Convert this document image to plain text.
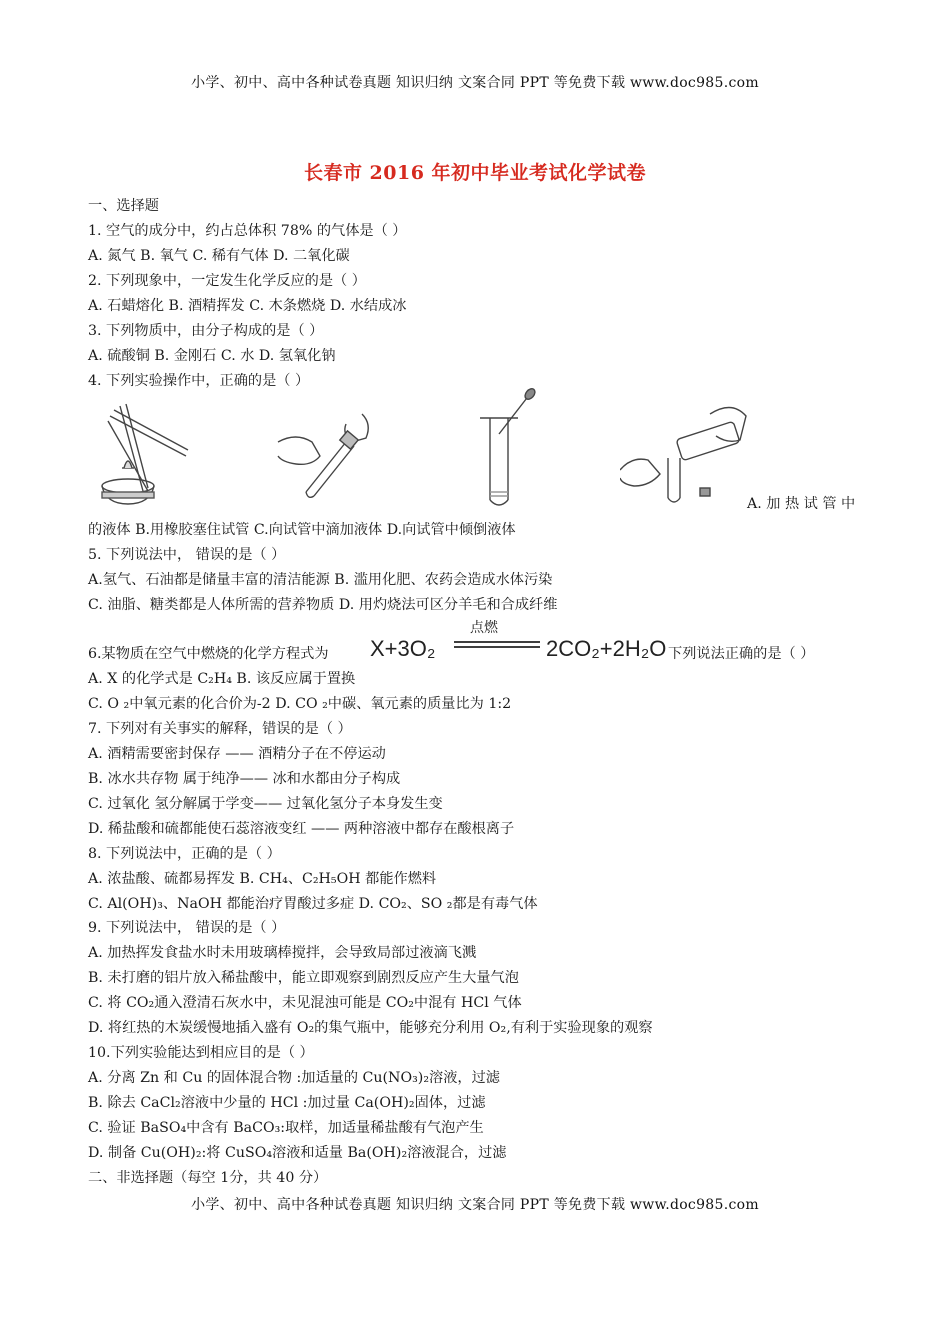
小学、初中、高中各种试卷真题 知识归纳 文案合同 PPT 等免费下载 www.doc985.com
长春市 2016 年初中毕业考试化学试卷
一、选择题
1. 空气的成分中，约占总体积 78% 的气体是（ ）
A. 氮气 B. 氧气 C. 稀有气体 D. 二氧化碳
2. 下列现象中，一定发生化学反应的是（ ）
A. 石蜡熔化 B. 酒精挥发 C. 木条燃烧 D. 水结成冰
3. 下列物质中，由分子构成的是（ ）
A. 硫酸铜 B. 金刚石 C. 水 D. 氢氧化钠
4. 下列实验操作中，正确的是（ ）
A. 加 热 试 管 中
的液体 B.用橡胶塞住试管 C.向试管中滴加液体 D.向试管中倾倒液体
5. 下列说法中， 错误的是（ ）
A.氢气、石油都是储量丰富的清洁能源 B. 滥用化肥、农药会造成水体污染
C. 油脂、糖类都是人体所需的营养物质 D. 用灼烧法可区分羊毛和合成纤维
6.某物质在空气中燃烧的化学方程式为 X+3O₂
点燃
2CO₂+2H₂O 下列说法正确的是（ ）
A. X 的化学式是 C₂H₄ B. 该反应属于置换
C. O ₂中氧元素的化合价为-2 D. CO ₂中碳、氧元素的质量比为 1:2
7. 下列对有关事实的解释，错误的是（ ）
A. 酒精需要密封保存 —— 酒精分子在不停运动
B. 冰水共存物 属于纯净—— 冰和水都由分子构成
C. 过氧化 氢分解属于学变—— 过氧化氢分子本身发生变
D. 稀盐酸和硫都能使石蕊溶液变红 —— 两种溶液中都存在酸根离子
8. 下列说法中，正确的是（ ）
A. 浓盐酸、硫都易挥发 B. CH₄、C₂H₅OH 都能作燃料
C. Al(OH)₃、NaOH 都能治疗胃酸过多症 D. CO₂、SO ₂都是有毒气体
9. 下列说法中， 错误的是（ ）
A. 加热挥发食盐水时未用玻璃棒搅拌，会导致局部过液滴飞溅
B. 未打磨的铝片放入稀盐酸中，能立即观察到剧烈反应产生大量气泡
C. 将 CO₂通入澄清石灰水中，未见混浊可能是 CO₂中混有 HCl 气体
D. 将红热的木炭缓慢地插入盛有 O₂的集气瓶中，能够充分利用 O₂,有利于实验现象的观察
10.下列实验能达到相应目的是（ ）
A. 分离 Zn 和 Cu 的固体混合物 :加适量的 Cu(NO₃)₂溶液，过滤
B. 除去 CaCl₂溶液中少量的 HCl :加过量 Ca(OH)₂固体，过滤
C. 验证 BaSO₄中含有 BaCO₃:取样，加适量稀盐酸有气泡产生
D. 制备 Cu(OH)₂:将 CuSO₄溶液和适量 Ba(OH)₂溶液混合，过滤
二、非选择题（每空 1分，共 40 分）
小学、初中、高中各种试卷真题 知识归纳 文案合同 PPT 等免费下载 www.doc985.com
